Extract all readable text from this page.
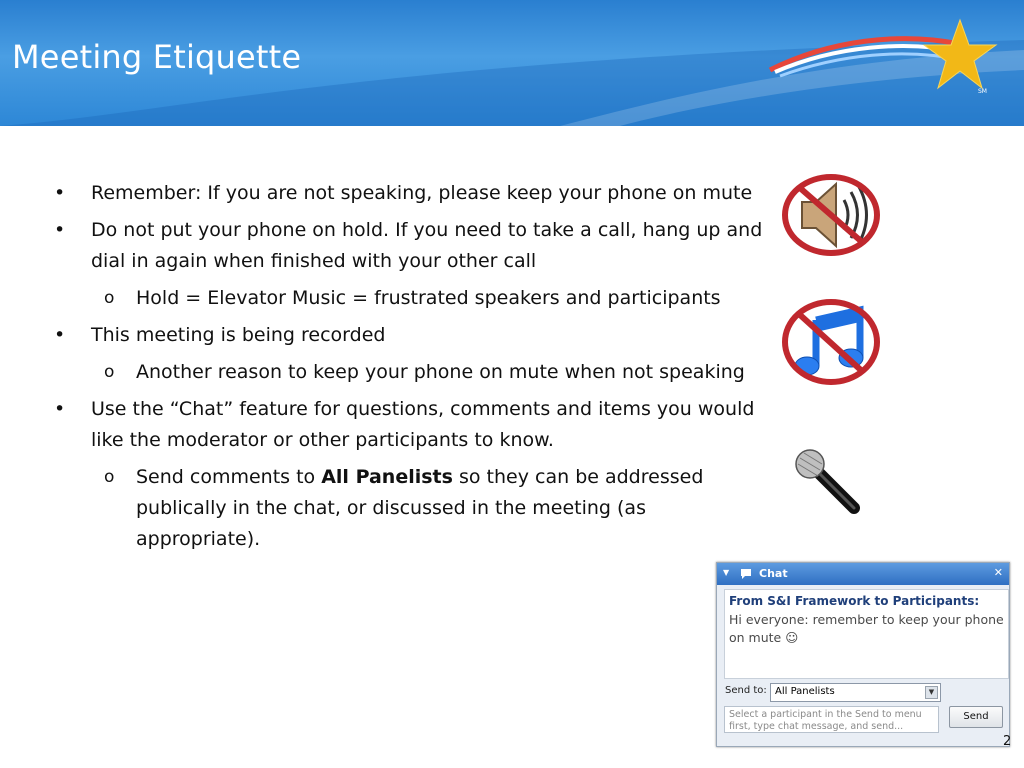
Meeting Etiquette
SM
• Remember: If you are not speaking, please keep your phone on mute
• Do not put your phone on hold. If you need to take a call, hang up and dial in again when finished with your other call
o Hold = Elevator Music = frustrated speakers and participants
• This meeting is being recorded
o Another reason to keep your phone on mute when not speaking
• Use the “Chat” feature for questions, comments and items you would like the moderator or other participants to know.
o Send comments to All Panelists so they can be addressed publically in the chat, or discussed in the meeting (as appropriate).
▼	Chat	✕
From S&I Framework to Participants:
Hi everyone: remember to keep your phone on mute ☺
Send to: All Panelists	▼
Select a participant in the Send to menu first, type chat message, and send...
Send
2
